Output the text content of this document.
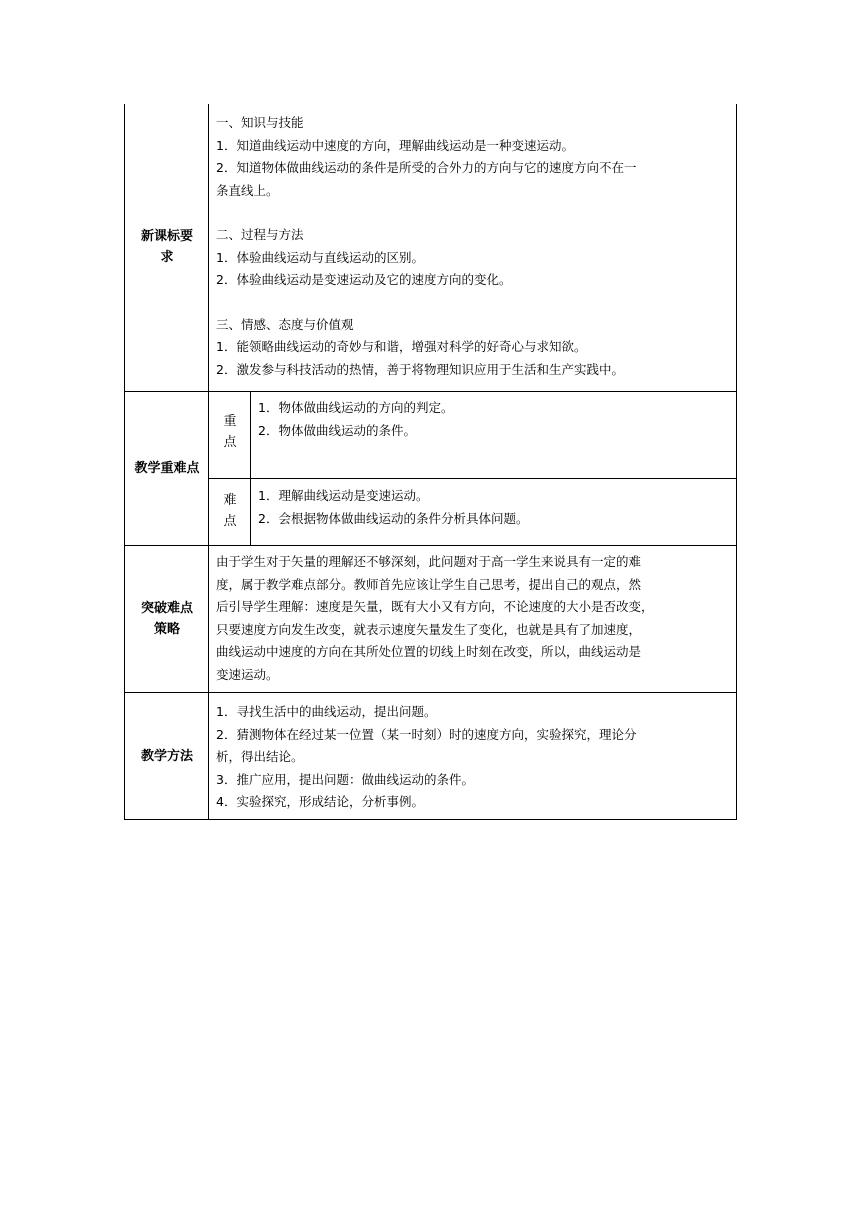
新课标要
求

一、知识与技能

1．知道曲线运动中速度的方向，理解曲线运动是一种变速运动。

2．知道物体做曲线运动的条件是所受的合外力的方向与它的速度方向不在一

条直线上。

二、过程与方法

1．体验曲线运动与直线运动的区别。

2．体验曲线运动是变速运动及它的速度方向的变化。

三、情感、态度与价值观

1．能领略曲线运动的奇妙与和谐，增强对科学的好奇心与求知欲。

2．激发参与科技活动的热情，善于将物理知识应用于生活和生产实践中。

教学重难点
重
点

1．物体做曲线运动的方向的判定。

2．物体做曲线运动的条件。

难
点

1．理解曲线运动是变速运动。

2．会根据物体做曲线运动的条件分析具体问题。

突破难点
策略

由于学生对于矢量的理解还不够深刻，此问题对于高一学生来说具有一定的难

度，属于教学难点部分。教师首先应该让学生自己思考，提出自己的观点，然

后引导学生理解：速度是矢量，既有大小又有方向，不论速度的大小是否改变，

只要速度方向发生改变，就表示速度矢量发生了变化，也就是具有了加速度，

曲线运动中速度的方向在其所处位置的切线上时刻在改变，所以，曲线运动是

变速运动。

教学方法

1．寻找生活中的曲线运动，提出问题。

2．猜测物体在经过某一位置（某一时刻）时的速度方向，实验探究，理论分

析，得出结论。

3．推广应用，提出问题：做曲线运动的条件。

4．实验探究，形成结论，分析事例。
